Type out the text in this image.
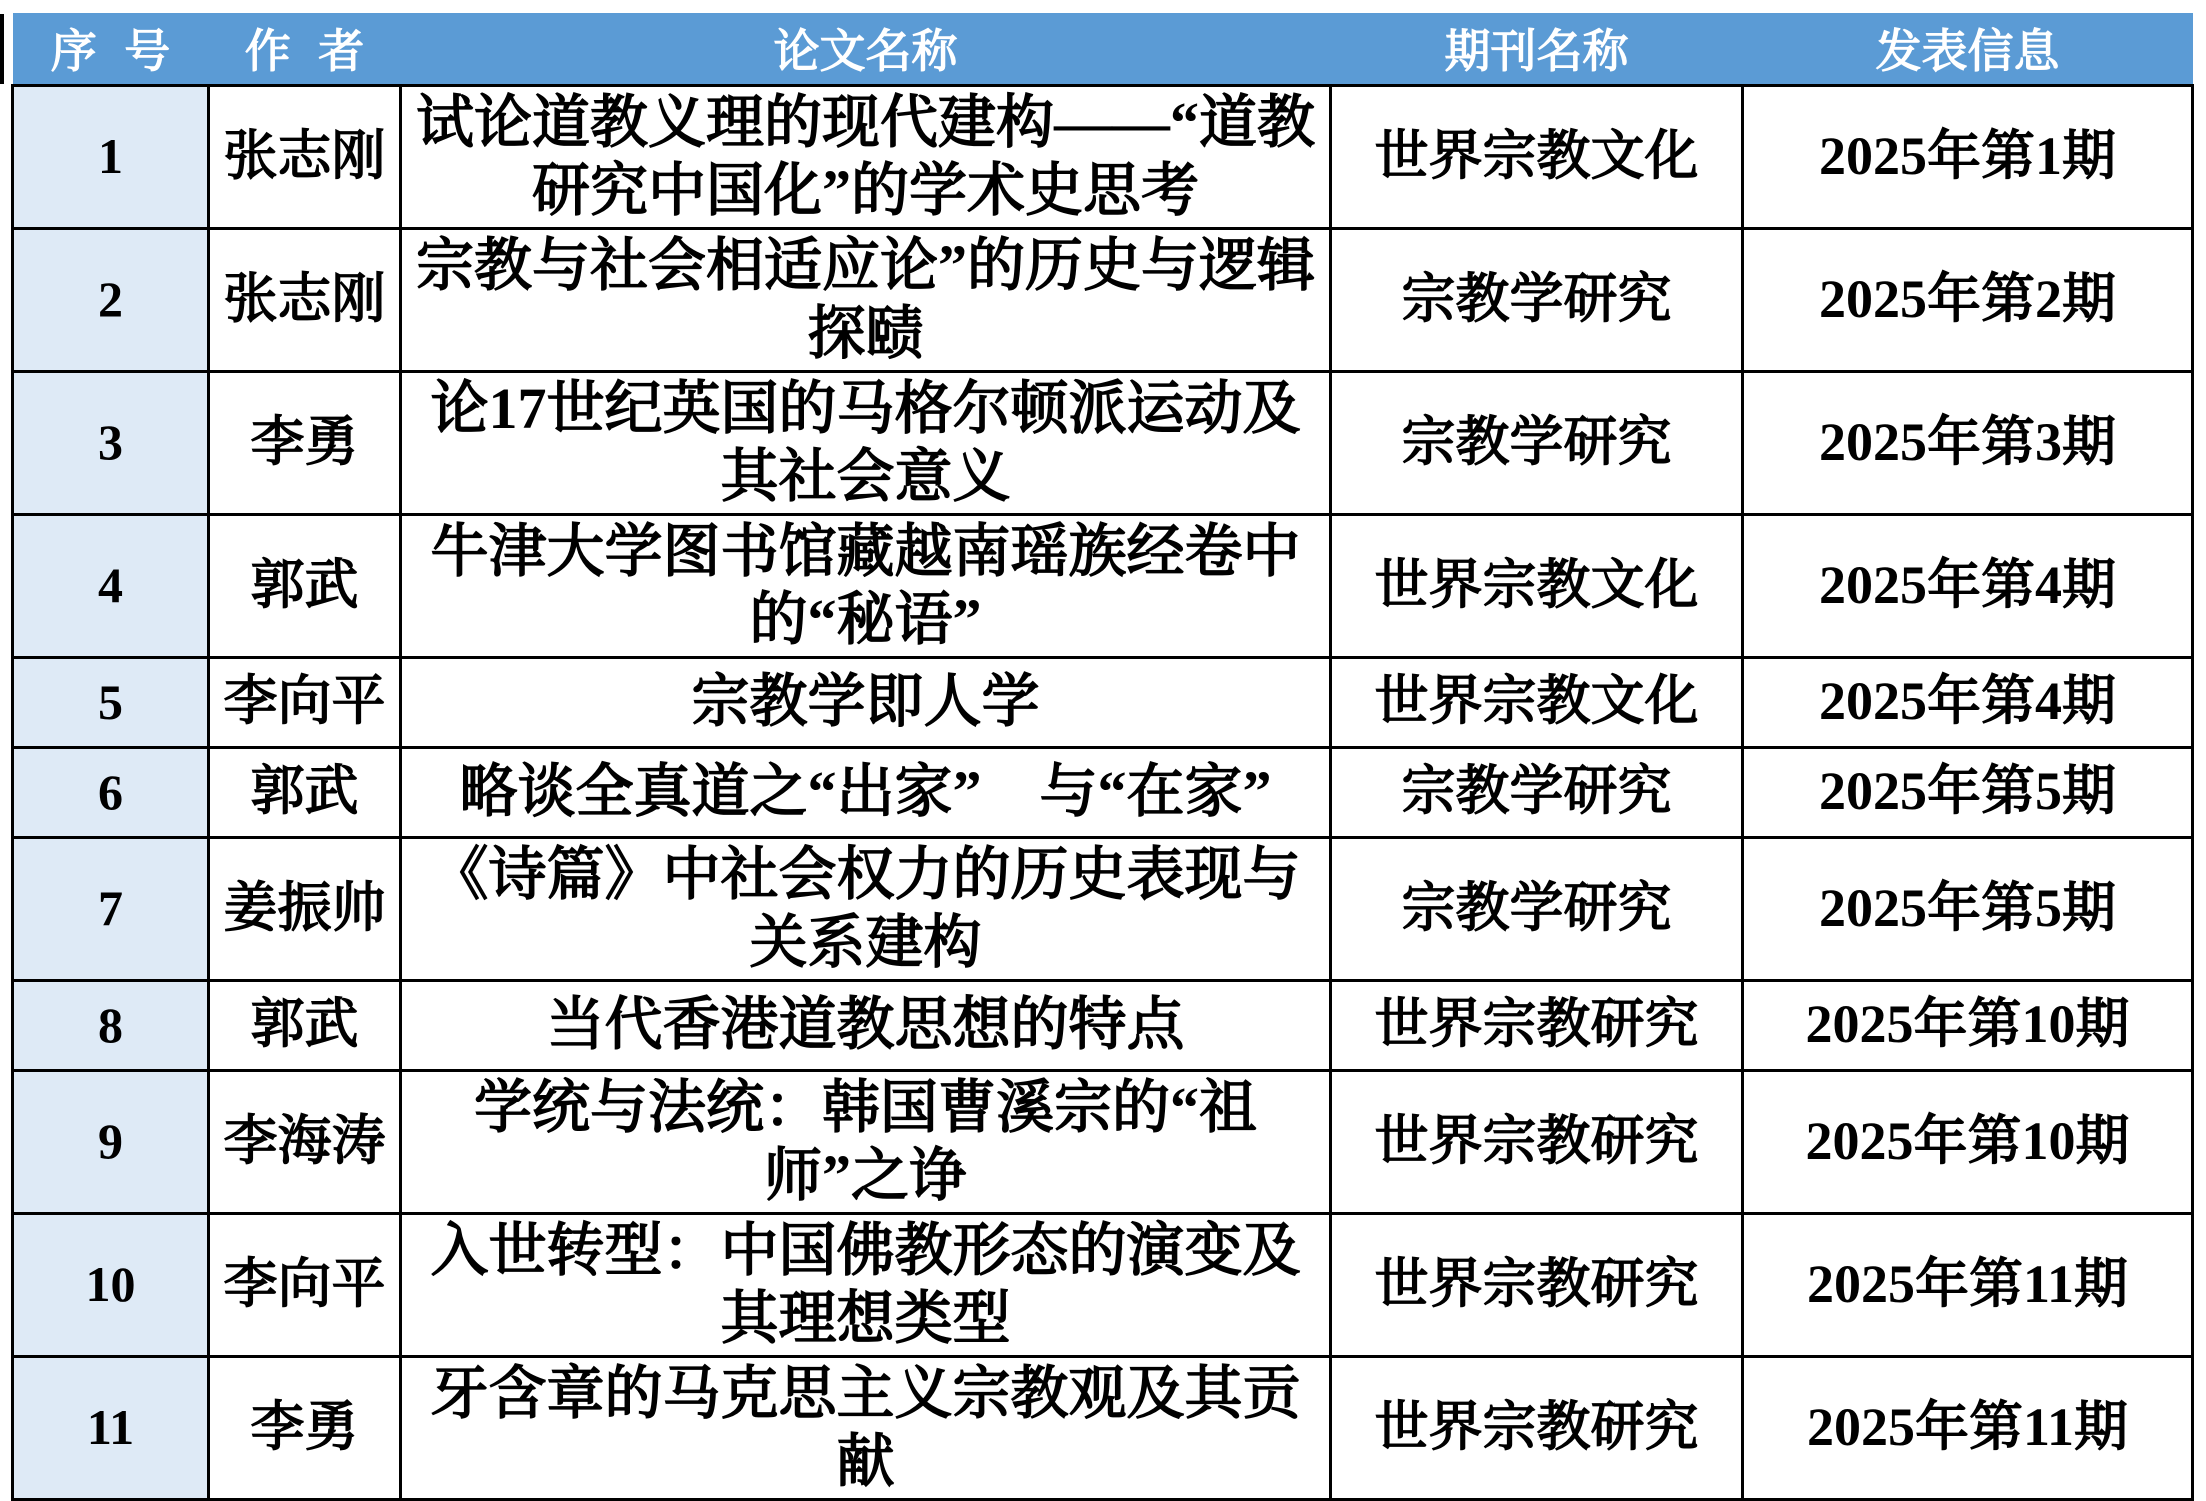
序号	作者	论文名称	期刊名称	发表信息
1	张志刚	试论道教义理的现代建构——“道教研究中国化”的学术史思考	世界宗教文化	2025年第1期
2	张志刚	宗教与社会相适应论”的历史与逻辑探赜	宗教学研究	2025年第2期
3	李勇	论17世纪英国的马格尔顿派运动及其社会意义	宗教学研究	2025年第3期
4	郭武	牛津大学图书馆藏越南瑶族经卷中的“秘语”	世界宗教文化	2025年第4期
5	李向平	宗教学即人学	世界宗教文化	2025年第4期
6	郭武	略谈全真道之“出家”　与“在家”	宗教学研究	2025年第5期
7	姜振帅	《诗篇》中社会权力的历史表现与关系建构	宗教学研究	2025年第5期
8	郭武	当代香港道教思想的特点	世界宗教研究	2025年第10期
9	李海涛	学统与法统：韩国曹溪宗的“祖师”之诤	世界宗教研究	2025年第10期
10	李向平	入世转型：中国佛教形态的演变及其理想类型	世界宗教研究	2025年第11期
11	李勇	牙含章的马克思主义宗教观及其贡献	世界宗教研究	2025年第11期
